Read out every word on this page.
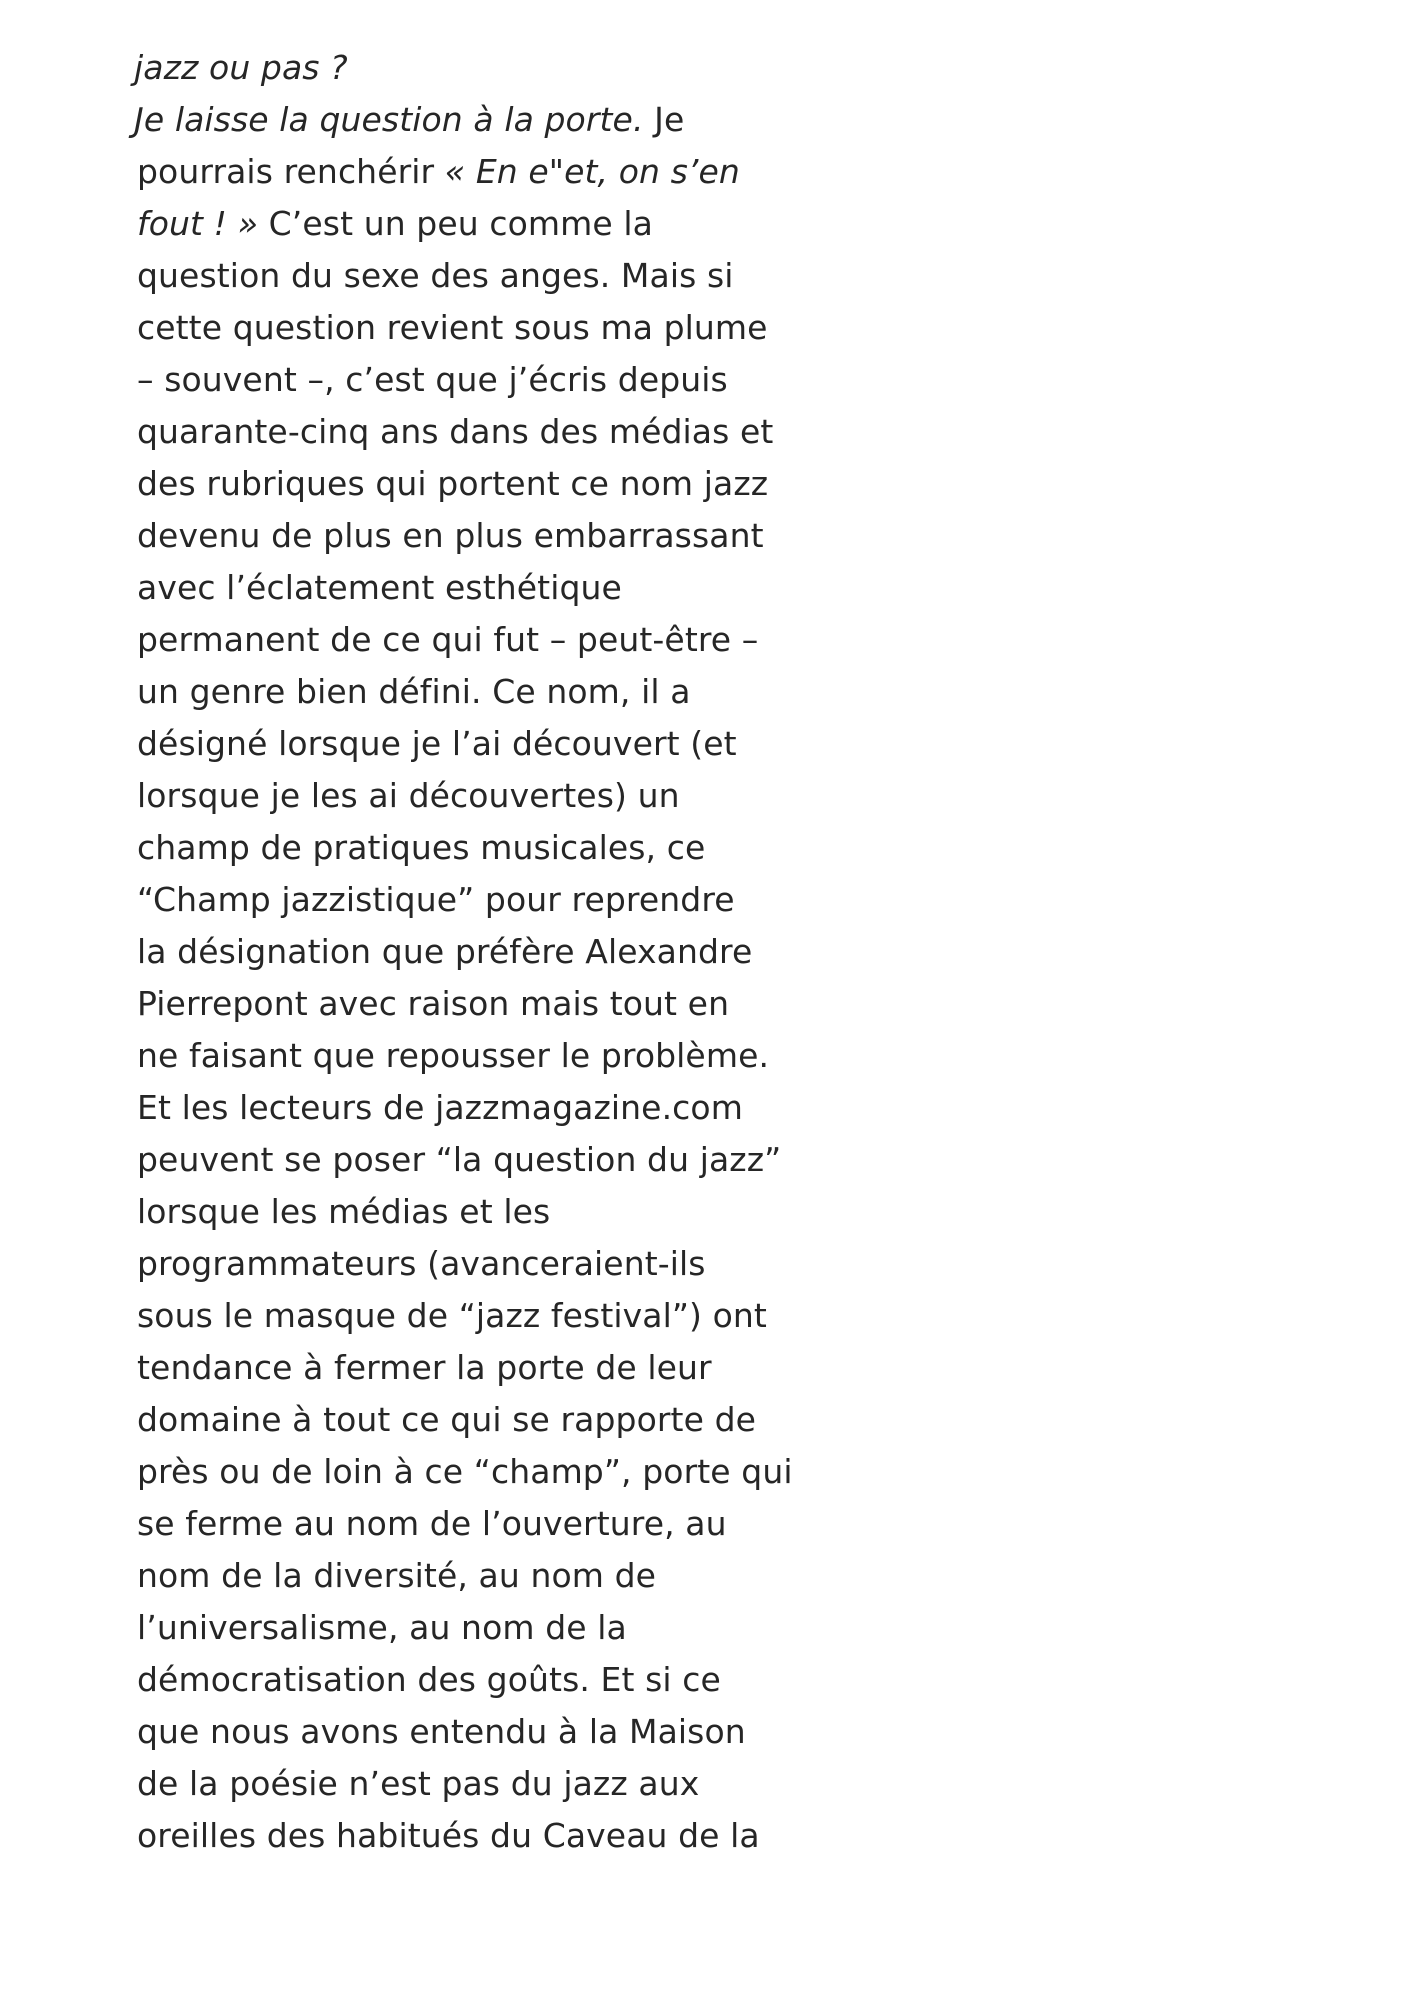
jazz ou pas ?
Je laisse la question à la porte. Je
pourrais renchérir « En e"et, on s’en
fout ! » C’est un peu comme la
question du sexe des anges. Mais si
cette question revient sous ma plume
– souvent –, c’est que j’écris depuis
quarante-cinq ans dans des médias et
des rubriques qui portent ce nom jazz
devenu de plus en plus embarrassant
avec l’éclatement esthétique
permanent de ce qui fut – peut-être –
un genre bien défini. Ce nom, il a
désigné lorsque je l’ai découvert (et
lorsque je les ai découvertes) un
champ de pratiques musicales, ce
“Champ jazzistique” pour reprendre
la désignation que préfère Alexandre
Pierrepont avec raison mais tout en
ne faisant que repousser le problème.
Et les lecteurs de jazzmagazine.com
peuvent se poser “la question du jazz”
lorsque les médias et les
programmateurs (avanceraient-ils
sous le masque de “jazz festival”) ont
tendance à fermer la porte de leur
domaine à tout ce qui se rapporte de
près ou de loin à ce “champ”, porte qui
se ferme au nom de l’ouverture, au
nom de la diversité, au nom de
l’universalisme, au nom de la
démocratisation des goûts. Et si ce
que nous avons entendu à la Maison
de la poésie n’est pas du jazz aux
oreilles des habitués du Caveau de la
